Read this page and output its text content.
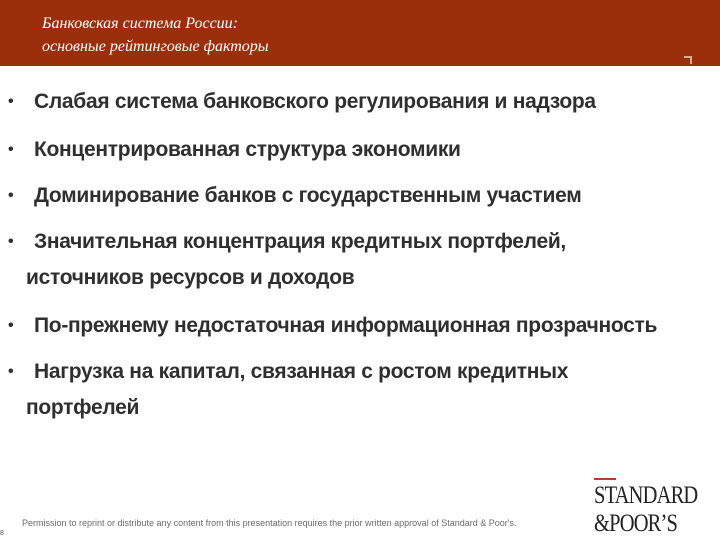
Банковская система России:
основные рейтинговые факторы
• Слабая система банковского регулирования и надзора
• Концентрированная структура экономики
• Доминирование банков с государственным участием
• Значительная концентрация кредитных портфелей,
источников ресурсов и доходов
• По-прежнему недостаточная информационная прозрачность
• Нагрузка на капитал, связанная с ростом кредитных
портфелей
Permission to reprint or distribute any content from this presentation requires the prior written approval of Standard & Poor's.
8
STANDARD
&POOR’S
